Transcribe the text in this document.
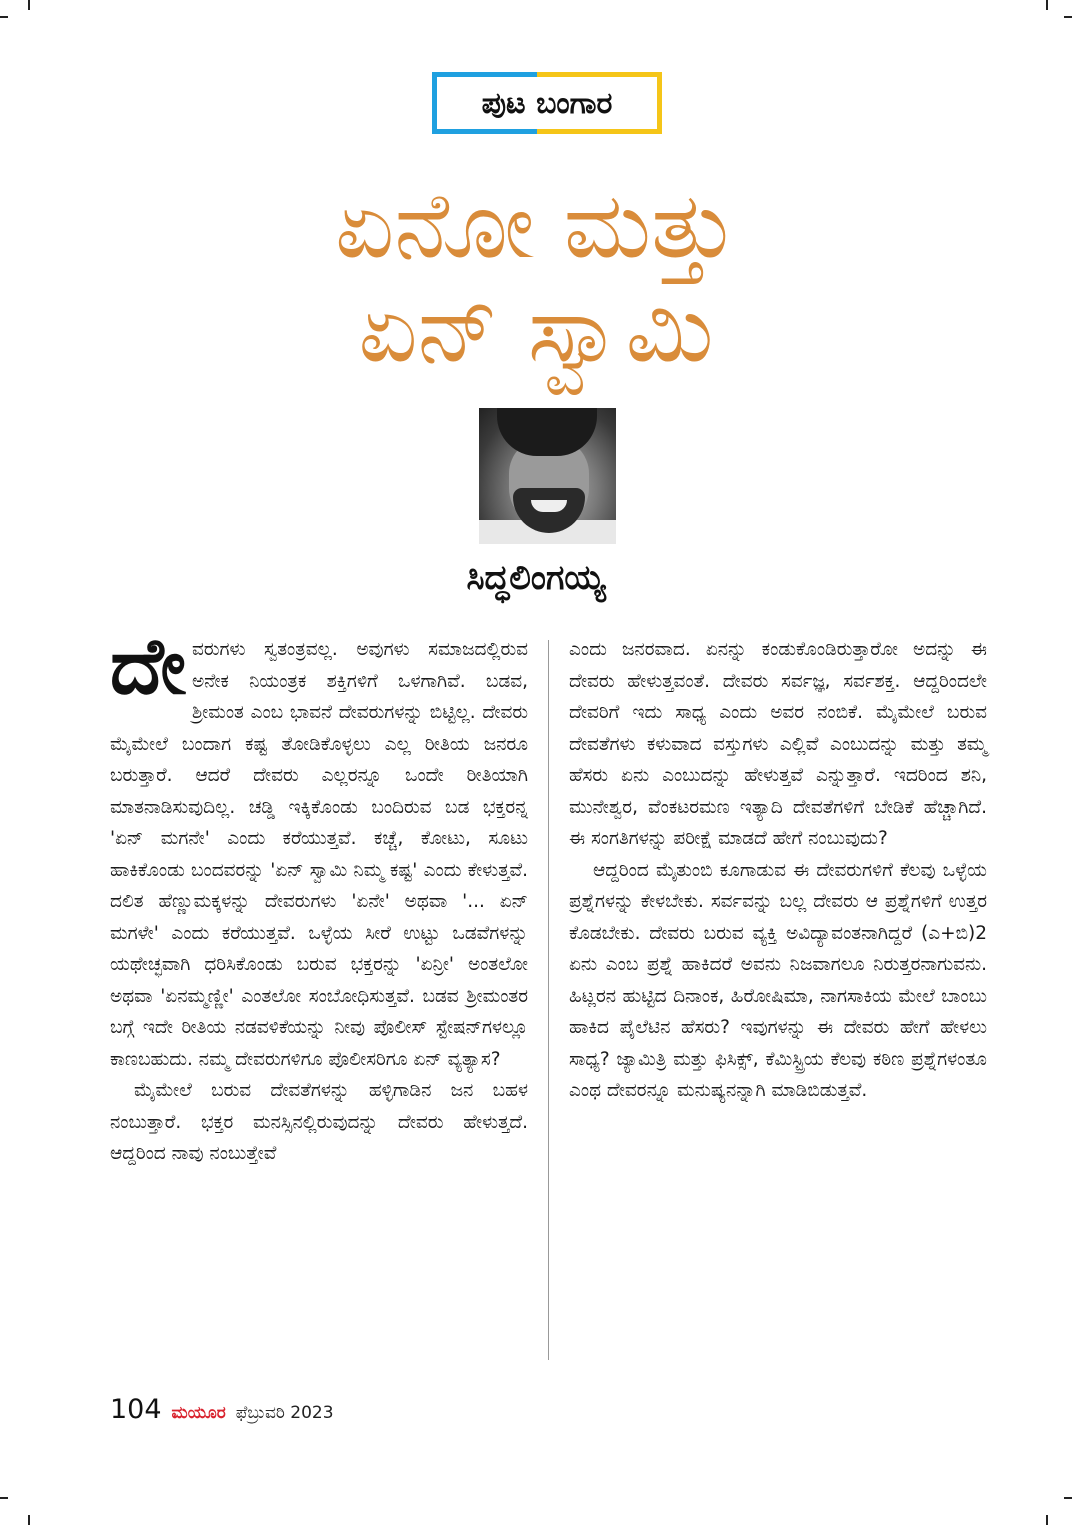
ಪುಟ ಬಂಗಾರ
ಏನೋ ಮತ್ತು
ಏನ್ ಸ್ವಾಮಿ
ಸಿದ್ಧಲಿಂಗಯ್ಯ

ದೇವರುಗಳು ಸ್ವತಂತ್ರವಲ್ಲ. ಅವುಗಳು ಸಮಾಜದಲ್ಲಿರುವ ಅನೇಕ ನಿಯಂತ್ರಕ ಶಕ್ತಿಗಳಿಗೆ ಒಳಗಾಗಿವೆ. ಬಡವ, ಶ್ರೀಮಂತ ಎಂಬ ಭಾವನೆ ದೇವರುಗಳನ್ನು ಬಿಟ್ಟಿಲ್ಲ. ದೇವರು ಮೈಮೇಲೆ ಬಂದಾಗ ಕಷ್ಟ ತೋಡಿಕೊಳ್ಳಲು ಎಲ್ಲ ರೀತಿಯ ಜನರೂ ಬರುತ್ತಾರೆ. ಆದರೆ ದೇವರು ಎಲ್ಲರನ್ನೂ ಒಂದೇ ರೀತಿಯಾಗಿ ಮಾತನಾಡಿಸುವುದಿಲ್ಲ. ಚಡ್ಡಿ ಇಕ್ಕಿಕೊಂಡು ಬಂದಿರುವ ಬಡ ಭಕ್ತರನ್ನ 'ಏನ್ ಮಗನೇ' ಎಂದು ಕರೆಯುತ್ತವೆ. ಕಚ್ಚೆ, ಕೋಟು, ಸೂಟು ಹಾಕಿಕೊಂಡು ಬಂದವರನ್ನು 'ಏನ್ ಸ್ವಾಮಿ ನಿಮ್ಮ ಕಷ್ಟ' ಎಂದು ಕೇಳುತ್ತವೆ. ದಲಿತ ಹೆಣ್ಣುಮಕ್ಕಳನ್ನು ದೇವರುಗಳು 'ಏನೇ' ಅಥವಾ '... ಏನ್ ಮಗಳೇ' ಎಂದು ಕರೆಯುತ್ತವೆ. ಒಳ್ಳೆಯ ಸೀರೆ ಉಟ್ಟು ಒಡವೆಗಳನ್ನು ಯಥೇಚ್ಛವಾಗಿ ಧರಿಸಿಕೊಂಡು ಬರುವ ಭಕ್ತರನ್ನು 'ಏನ್ರೀ' ಅಂತಲೋ ಅಥವಾ 'ಏನಮ್ಮಣ್ಣೀ' ಎಂತಲೋ ಸಂಬೋಧಿಸುತ್ತವೆ. ಬಡವ ಶ್ರೀಮಂತರ ಬಗ್ಗೆ ಇದೇ ರೀತಿಯ ನಡವಳಿಕೆಯನ್ನು ನೀವು ಪೊಲೀಸ್ ಸ್ಟೇಷನ್‌ಗಳಲ್ಲೂ ಕಾಣಬಹುದು. ನಮ್ಮ ದೇವರುಗಳಿಗೂ ಪೊಲೀಸರಿಗೂ ಏನ್ ವ್ಯತ್ಯಾಸ?

ಮೈಮೇಲೆ ಬರುವ ದೇವತೆಗಳನ್ನು ಹಳ್ಳಿಗಾಡಿನ ಜನ ಬಹಳ ನಂಬುತ್ತಾರೆ. ಭಕ್ತರ ಮನಸ್ಸಿನಲ್ಲಿರುವುದನ್ನು ದೇವರು ಹೇಳುತ್ತದೆ. ಆದ್ದರಿಂದ ನಾವು ನಂಬುತ್ತೇವೆ

ಎಂದು ಜನರವಾದ. ಏನನ್ನು ಕಂಡುಕೊಂಡಿರುತ್ತಾರೋ ಅದನ್ನು ಈ ದೇವರು ಹೇಳುತ್ತವಂತೆ. ದೇವರು ಸರ್ವಜ್ಞ, ಸರ್ವಶಕ್ತ. ಆದ್ದರಿಂದಲೇ ದೇವರಿಗೆ ಇದು ಸಾಧ್ಯ ಎಂದು ಅವರ ನಂಬಿಕೆ. ಮೈಮೇಲೆ ಬರುವ ದೇವತೆಗಳು ಕಳುವಾದ ವಸ್ತುಗಳು ಎಲ್ಲಿವೆ ಎಂಬುದನ್ನು ಮತ್ತು ತಮ್ಮ ಹೆಸರು ಏನು ಎಂಬುದನ್ನು ಹೇಳುತ್ತವೆ ಎನ್ನುತ್ತಾರೆ. ಇದರಿಂದ ಶನಿ, ಮುನೇಶ್ವರ, ವೆಂಕಟರಮಣ ಇತ್ಯಾದಿ ದೇವತೆಗಳಿಗೆ ಬೇಡಿಕೆ ಹೆಚ್ಚಾಗಿದೆ. ಈ ಸಂಗತಿಗಳನ್ನು ಪರೀಕ್ಷೆ ಮಾಡದೆ ಹೇಗೆ ನಂಬುವುದು?

ಆದ್ದರಿಂದ ಮೈತುಂಬಿ ಕೂಗಾಡುವ ಈ ದೇವರುಗಳಿಗೆ ಕೆಲವು ಒಳ್ಳೆಯ ಪ್ರಶ್ನೆಗಳನ್ನು ಕೇಳಬೇಕು. ಸರ್ವವನ್ನು ಬಲ್ಲ ದೇವರು ಆ ಪ್ರಶ್ನೆಗಳಿಗೆ ಉತ್ತರ ಕೊಡಬೇಕು. ದೇವರು ಬರುವ ವ್ಯಕ್ತಿ ಅವಿದ್ಯಾವಂತನಾಗಿದ್ದರೆ (ಎ+ಬಿ)2 ಏನು ಎಂಬ ಪ್ರಶ್ನೆ ಹಾಕಿದರೆ ಅವನು ನಿಜವಾಗಲೂ ನಿರುತ್ತರನಾಗುವನು. ಹಿಟ್ಲರನ ಹುಟ್ಟಿದ ದಿನಾಂಕ, ಹಿರೋಷಿಮಾ, ನಾಗಸಾಕಿಯ ಮೇಲೆ ಬಾಂಬು ಹಾಕಿದ ಪೈಲೆಟಿನ ಹೆಸರು? ಇವುಗಳನ್ನು ಈ ದೇವರು ಹೇಗೆ ಹೇಳಲು ಸಾಧ್ಯ? ಜ್ಯಾಮಿತ್ರಿ ಮತ್ತು ಫಿಸಿಕ್ಸ್, ಕೆಮಿಸ್ಟ್ರಿಯ ಕೆಲವು ಕಠಿಣ ಪ್ರಶ್ನೆಗಳಂತೂ ಎಂಥ ದೇವರನ್ನೂ ಮನುಷ್ಯನನ್ನಾಗಿ ಮಾಡಿಬಿಡುತ್ತವೆ.

104 ಮಯೂರ ಫೆಬ್ರುವರಿ 2023
